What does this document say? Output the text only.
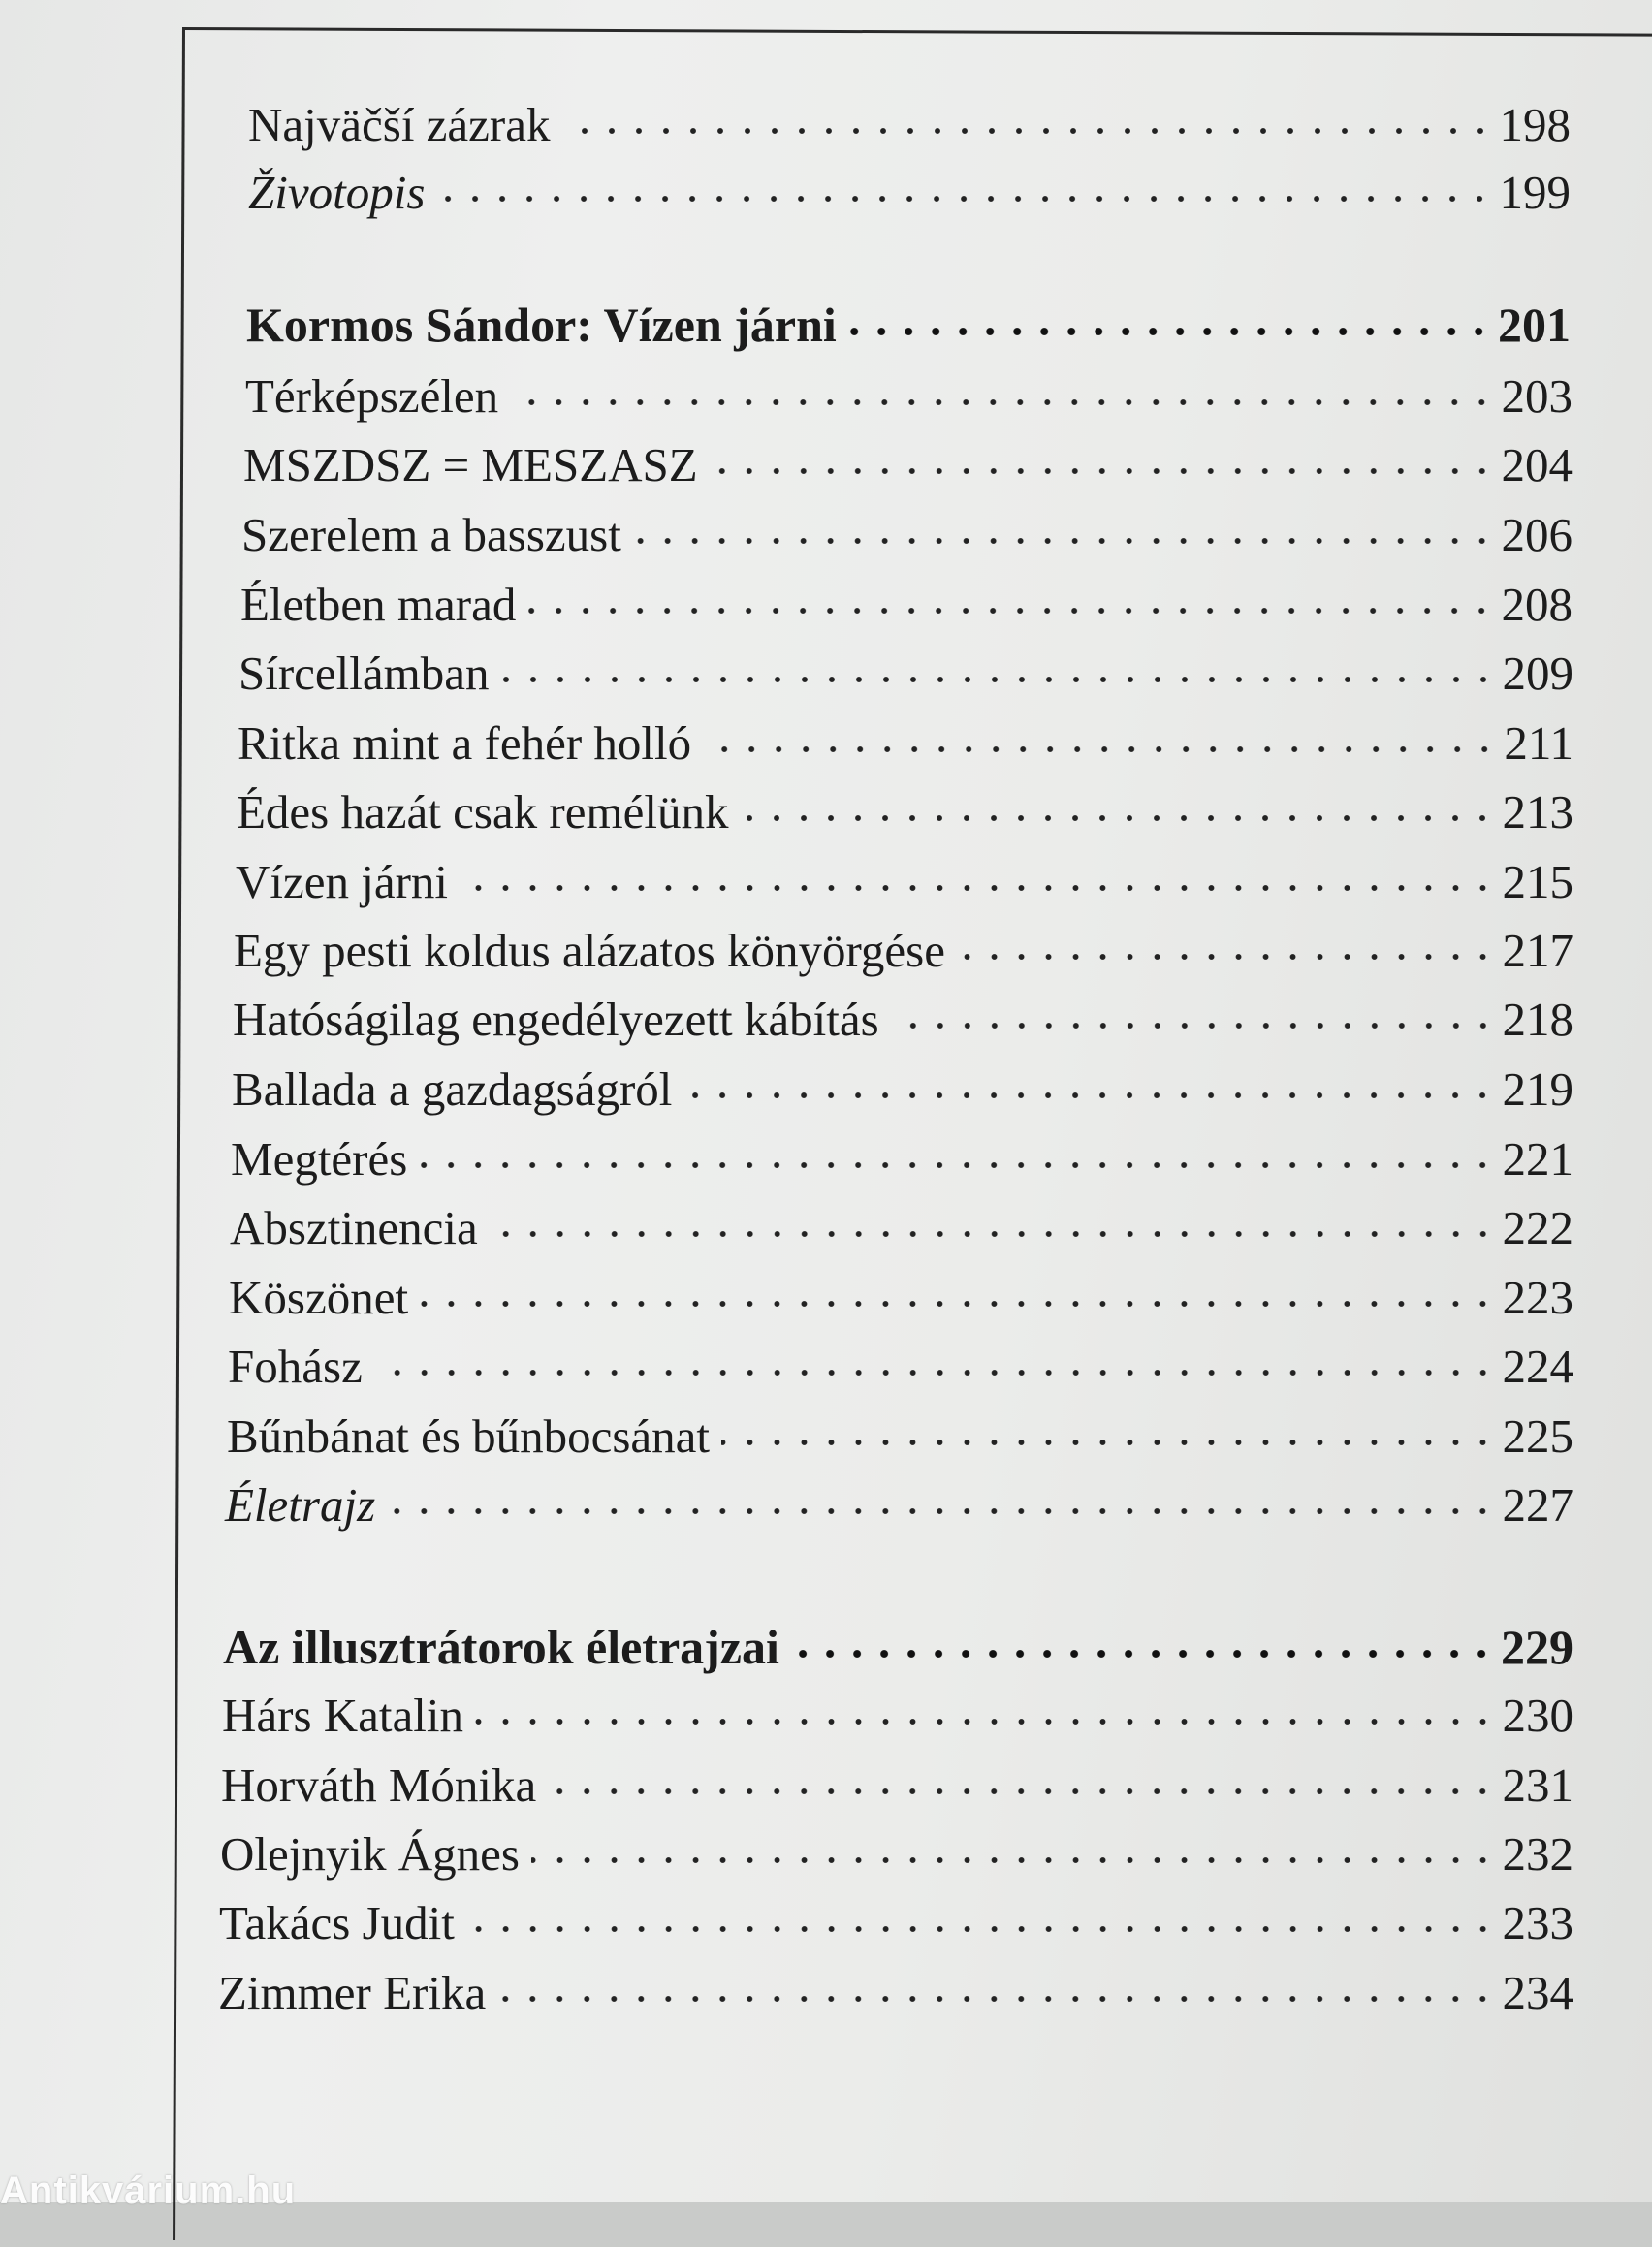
Najväčší zázrak	198
Životopis	199
Kormos Sándor: Vízen járni	201
Térképszélen	203
MSZDSZ = MESZASZ	204
Szerelem a basszust	206
Életben marad	208
Sírcellámban	209
Ritka mint a fehér holló	211
Édes hazát csak remélünk	213
Vízen járni	215
Egy pesti koldus alázatos könyörgése	217
Hatóságilag engedélyezett kábítás	218
Ballada a gazdagságról	219
Megtérés	221
Absztinencia	222
Köszönet	223
Fohász	224
Bűnbánat és bűnbocsánat	225
Életrajz	227
Az illusztrátorok életrajzai	229
Hárs Katalin	230
Horváth Mónika	231
Olejnyik Ágnes	232
Takács Judit	233
Zimmer Erika	234
Antikvárium.hu
